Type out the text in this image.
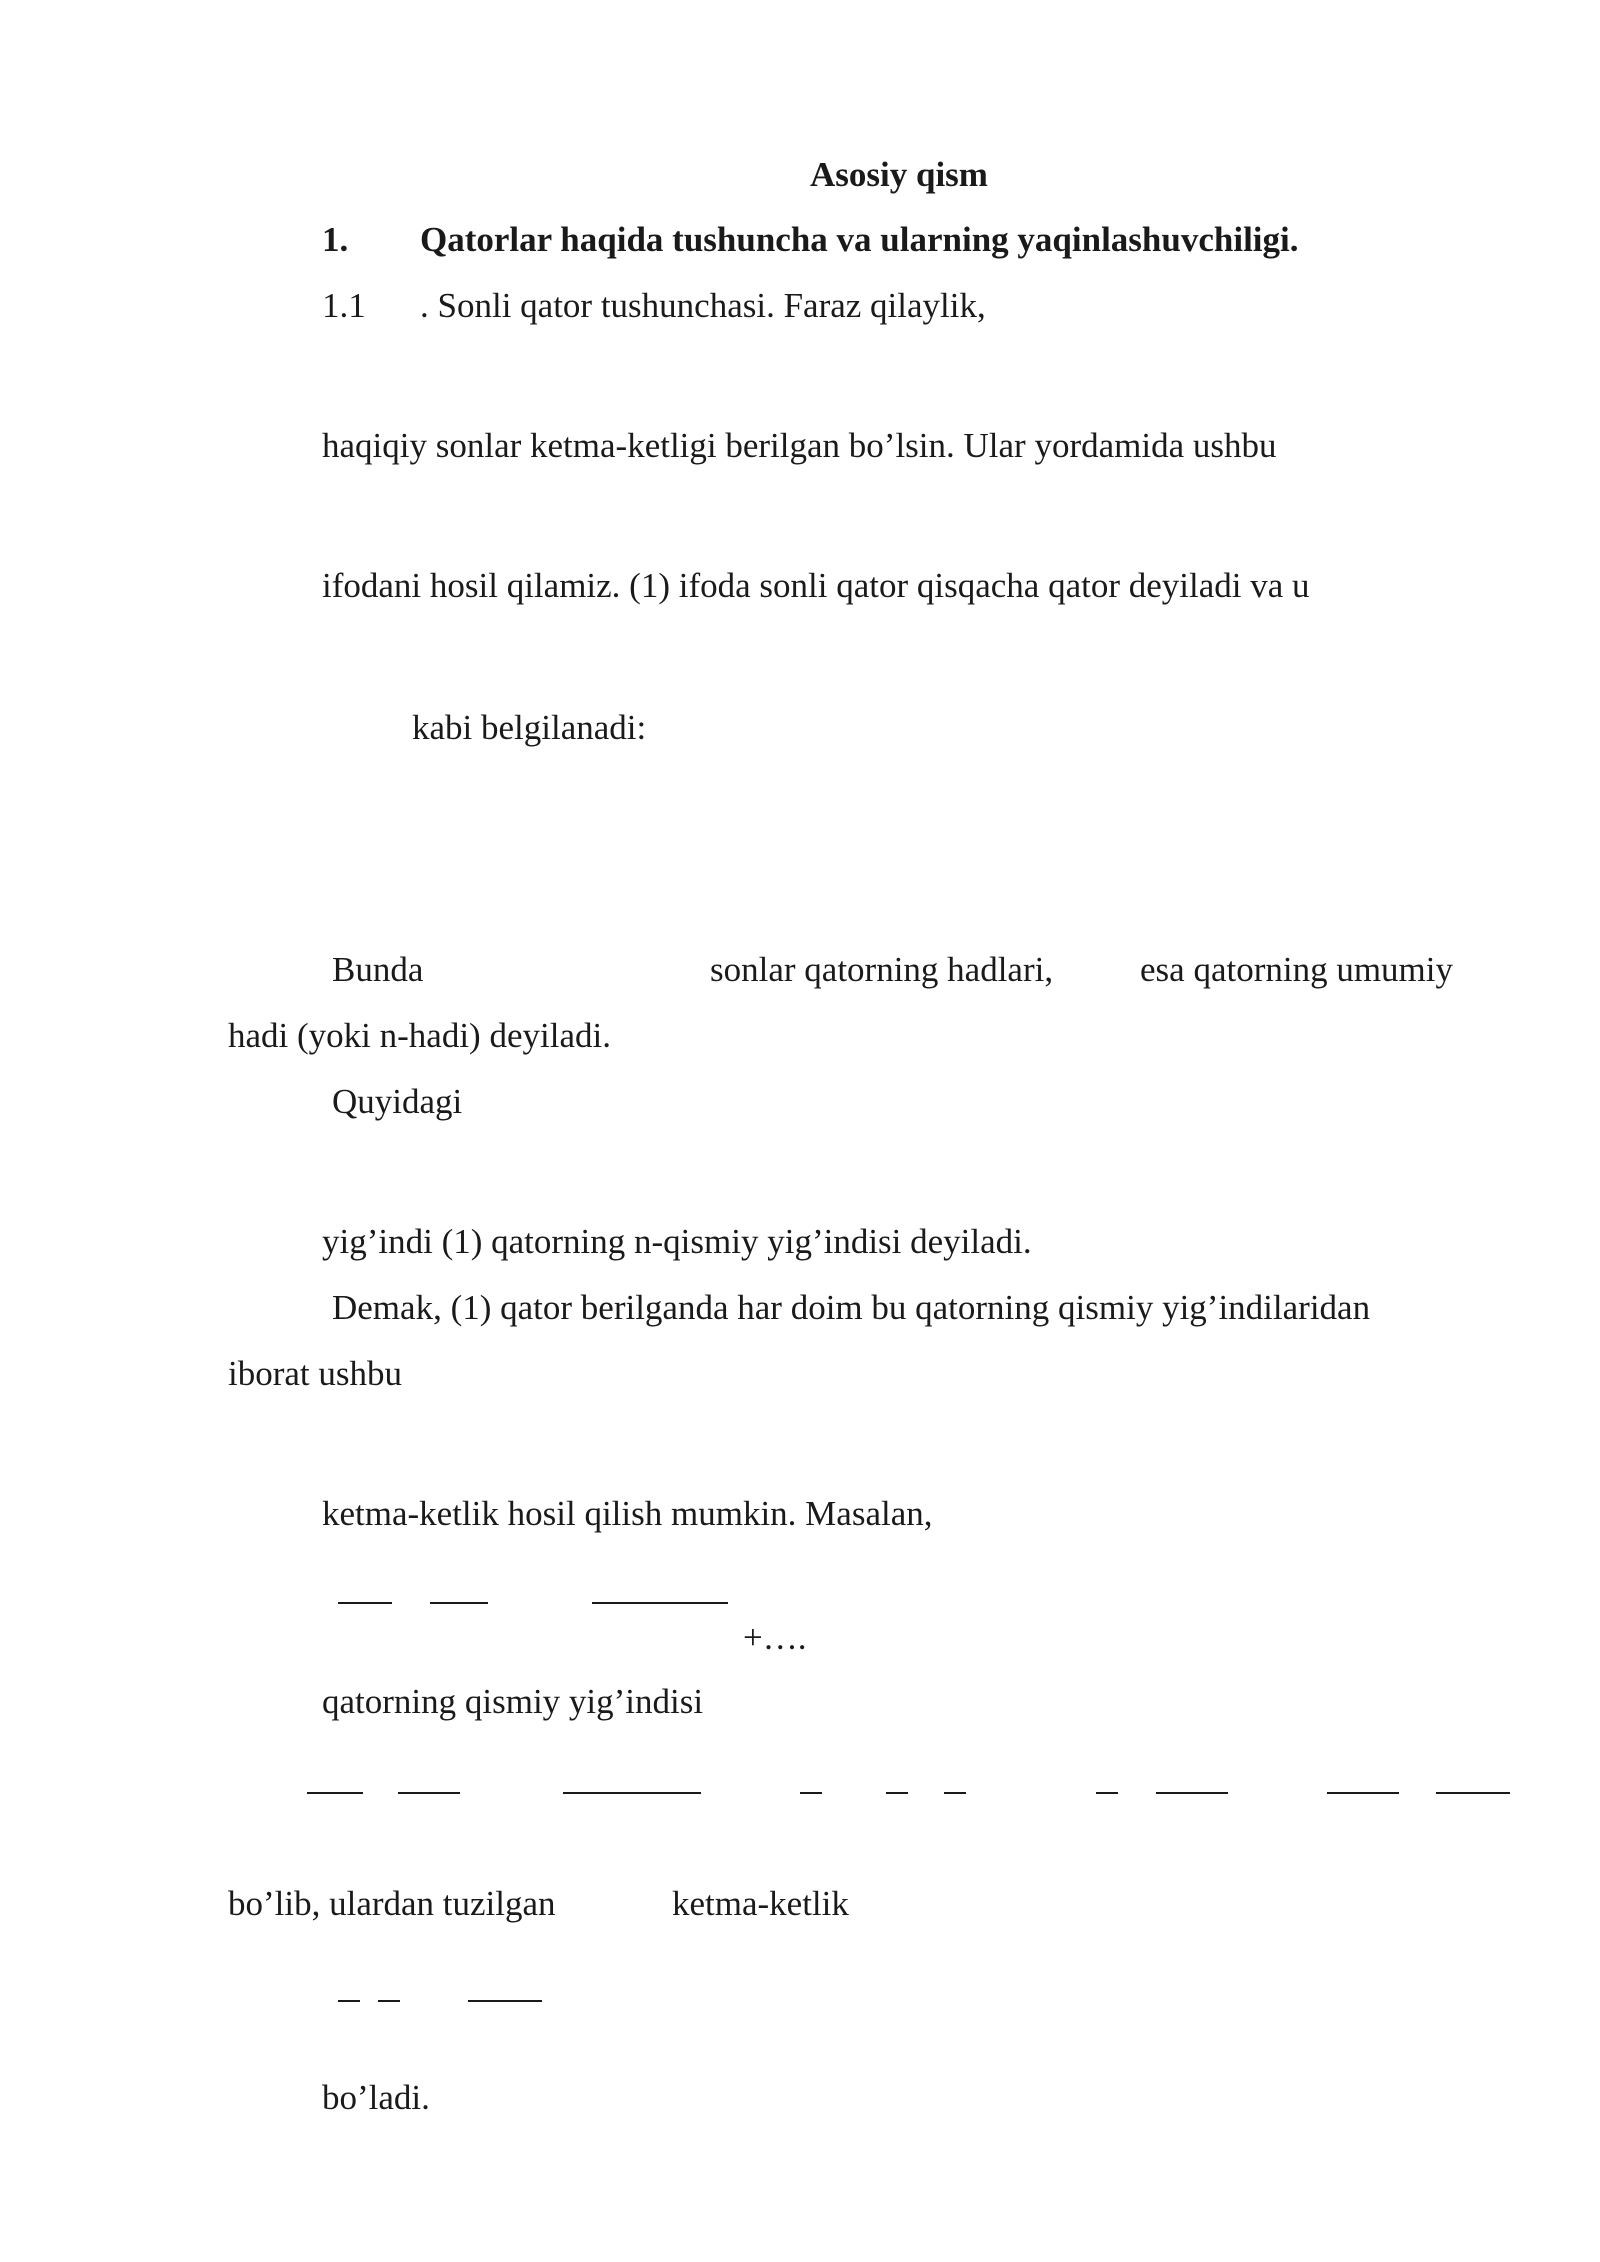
Asosiy qism
1. Qatorlar haqida tushuncha va ularning yaqinlashuvchiligi.
1.1 . Sonli qator tushunchasi. Faraz qilaylik,
haqiqiy sonlar ketma-ketligi berilgan bo’lsin. Ular yordamida ushbu
ifodani hosil qilamiz. (1) ifoda sonli qator qisqacha qator deyiladi va u
kabi belgilanadi:
Bunda	sonlar qatorning hadlari, esa qatorning umumiy
hadi (yoki n-hadi) deyiladi.
Quyidagi
yig’indi (1) qatorning n-qismiy yig’indisi deyiladi.
Demak, (1) qator berilganda har doim bu qatorning qismiy yig’indilaridan
iborat ushbu
ketma-ketlik hosil qilish mumkin. Masalan,
+….
qatorning qismiy yig’indisi
bo’lib, ulardan tuzilgan	ketma-ketlik
bo’ladi.
